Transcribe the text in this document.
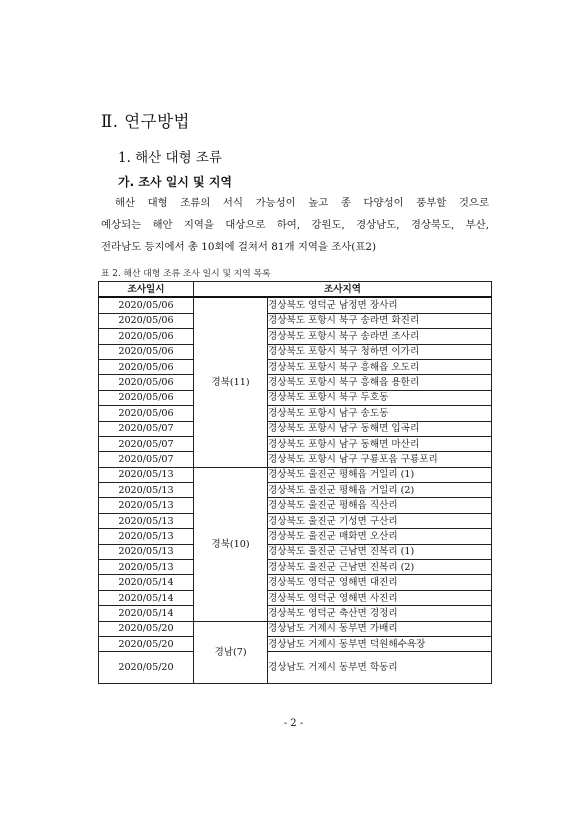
Ⅱ. 연구방법
1. 해산 대형 조류
가. 조사 일시 및 지역
해산 대형 조류의 서식 가능성이 높고 종 다양성이 풍부할 것으로
예상되는 해안 지역을 대상으로 하여, 강원도, 경상남도, 경상북도, 부산,
전라남도 등지에서 총 10회에 걸쳐서 81개 지역을 조사(표2)
표 2. 해산 대형 조류 조사 일시 및 지역 목록
조사일시	조사지역	
2020/05/06	경북(11)	경상북도 영덕군 남정면 장사리
2020/05/06		경상북도 포항시 북구 송라면 화진리
2020/05/06		경상북도 포항시 북구 송라면 조사리
2020/05/06		경상북도 포항시 북구 청하면 이가리
2020/05/06		경상북도 포항시 북구 흥해읍 오도리
2020/05/06		경상북도 포항시 북구 흥해읍 용한리
2020/05/06		경상북도 포항시 북구 두호동
2020/05/06		경상북도 포항시 남구 송도동
2020/05/07		경상북도 포항시 남구 동해면 입곡리
2020/05/07		경상북도 포항시 남구 동해면 마산리
2020/05/07		경상북도 포항시 남구 구룡포읍 구룡포리
2020/05/13	경북(10)	경상북도 울진군 평해읍 거일리 (1)
2020/05/13		경상북도 울진군 평해읍 거일리 (2)
2020/05/13		경상북도 울진군 평해읍 직산리
2020/05/13		경상북도 울진군 기성면 구산리
2020/05/13		경상북도 울진군 매화면 오산리
2020/05/13		경상북도 울진군 근남면 진복리 (1)
2020/05/13		경상북도 울진군 근남면 진복리 (2)
2020/05/14		경상북도 영덕군 영해면 대진리
2020/05/14		경상북도 영덕군 영해면 사진리
2020/05/14		경상북도 영덕군 축산면 경정리
2020/05/20	경남(7)	경상남도 거제시 동부면 가배리
2020/05/20		경상남도 거제시 동부면 덕원해수욕장
2020/05/20		경상남도 거제시 동부면 학동리
- 2 -
